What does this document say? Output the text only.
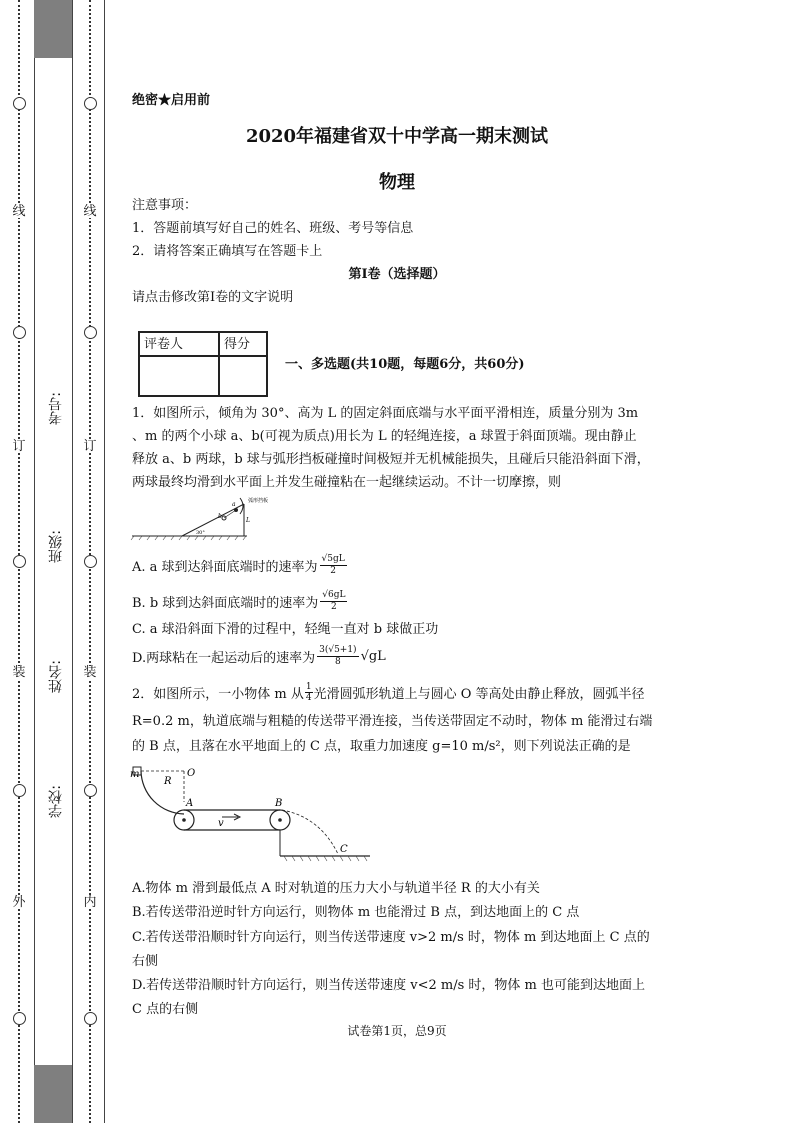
线
订
装
外
线
订
装
内
考号:
班级:
姓名:
学校:
绝密★启用前
2020年福建省双十中学高一期末测试
物理
注意事项：
1．答题前填写好自己的姓名、班级、考号等信息
2．请将答案正确填写在答题卡上
第I卷（选择题）
请点击修改第I卷的文字说明
评卷人	得分

一、多选题(共10题，每题6分，共60分)
1．如图所示，倾角为 30°、高为 L 的固定斜面底端与水平面平滑相连，质量分别为 3m
、m 的两个小球 a、b(可视为质点)用长为 L 的轻绳连接，a 球置于斜面顶端。现由静止
释放 a、b 两球，b 球与弧形挡板碰撞时间极短并无机械能损失，且碰后只能沿斜面下滑，
两球最终均滑到水平面上并发生碰撞粘在一起继续运动。不计一切摩擦，则
弧形挡板
a
b
L
30°
A. a 球到达斜面底端时的速率为 $\frac{√5gL}{2}$
B. b 球到达斜面底端时的速率为 $\frac{√6gL}{2}$
C. a 球沿斜面下滑的过程中，轻绳一直对 b 球做正功
D.两球粘在一起运动后的速率为 $\frac{3(√5+1)}{8} √gL$
2．如图所示，一小物体 m 从 $\frac{1}{4}$ 光滑圆弧形轨道上与圆心 O 等高处由静止释放，圆弧半径
R=0.2 m，轨道底端与粗糙的传送带平滑连接，当传送带固定不动时，物体 m 能滑过右端
的 B 点，且落在水平地面上的 C 点，取重力加速度 g=10 m/s²，则下列说法正确的是
m
R
O
A	B
v
C
A.物体 m 滑到最低点 A 时对轨道的压力大小与轨道半径 R 的大小有关
B.若传送带沿逆时针方向运行，则物体 m 也能滑过 B 点，到达地面上的 C 点
C.若传送带沿顺时针方向运行，则当传送带速度 v>2 m/s 时，物体 m 到达地面上 C 点的
右侧
D.若传送带沿顺时针方向运行，则当传送带速度 v<2 m/s 时，物体 m 也可能到达地面上
C 点的右侧
试卷第1页，总9页
